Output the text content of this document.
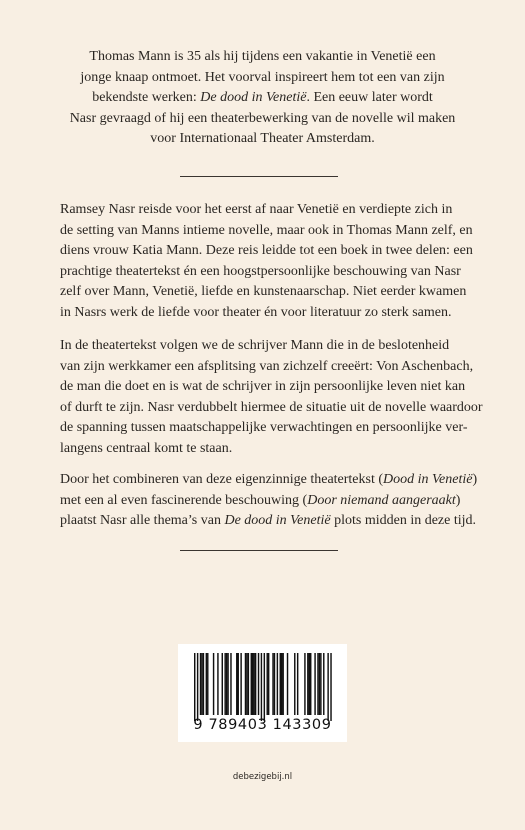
Thomas Mann is 35 als hij tijdens een vakantie in Venetië een
jonge knaap ontmoet. Het voorval inspireert hem tot een van zijn
bekendste werken: De dood in Venetië. Een eeuw later wordt
Nasr gevraagd of hij een theaterbewerking van de novelle wil maken
voor Internationaal Theater Amsterdam.
Ramsey Nasr reisde voor het eerst af naar Venetië en verdiepte zich in
de setting van Manns intieme novelle, maar ook in Thomas Mann zelf, en
diens vrouw Katia Mann. Deze reis leidde tot een boek in twee delen: een
prachtige theatertekst én een hoogstpersoonlijke beschouwing van Nasr
zelf over Mann, Venetië, liefde en kunstenaarschap. Niet eerder kwamen
in Nasrs werk de liefde voor theater én voor literatuur zo sterk samen.
In de theatertekst volgen we de schrijver Mann die in de beslotenheid
van zijn werkkamer een afsplitsing van zichzelf creeërt: Von Aschenbach,
de man die doet en is wat de schrijver in zijn persoonlijke leven niet kan
of durft te zijn. Nasr verdubbelt hiermee de situatie uit de novelle waardoor
de spanning tussen maatschappelijke verwachtingen en persoonlijke ver-
langens centraal komt te staan.
Door het combineren van deze eigenzinnige theatertekst (Dood in Venetië)
met een al even fascinerende beschouwing (Door niemand aangeraakt)
plaatst Nasr alle thema’s van De dood in Venetië plots midden in deze tijd.
9 789403 143309
debezigebij.nl
